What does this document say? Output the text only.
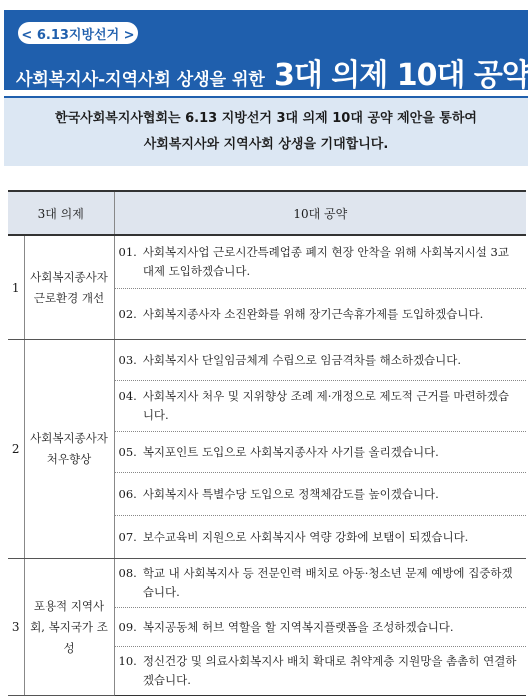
< 6.13지방선거 >
사회복지사-지역사회 상생을 위한 3대 의제 10대 공약
한국사회복지사협회는 6.13 지방선거 3대 의제 10대 공약 제안을 통하여
사회복지사와 지역사회 상생을 기대합니다.
3대 의제		10대 공약
1	사회복지종사자 근로환경 개선	01. 사회복지사업 근로시간특례업종 폐지 현장 안착을 위해 사회복지시설 3교대제 도입하겠습니다.

		02. 사회복지종사자 소진완화를 위해 장기근속휴가제를 도입하겠습니다.

2	사회복지종사자 처우향상	03. 사회복지사 단일임금체계 수립으로 임금격차를 해소하겠습니다.

		04. 사회복지사 처우 및 지위향상 조례 제·개정으로 제도적 근거를 마련하겠습니다.

		05. 복지포인트 도입으로 사회복지종사자 사기를 올리겠습니다.

		06. 사회복지사 특별수당 도입으로 정책체감도를 높이겠습니다.

		07. 보수교육비 지원으로 사회복지사 역량 강화에 보탬이 되겠습니다.

3	포용적 지역사회, 복지국가 조성	08. 학교 내 사회복지사 등 전문인력 배치로 아동·청소년 문제 예방에 집중하겠습니다.

		09. 복지공동체 허브 역할을 할 지역복지플랫폼을 조성하겠습니다.

		10. 정신건강 및 의료사회복지사 배치 확대로 취약계층 지원망을 촘촘히 연결하겠습니다.
